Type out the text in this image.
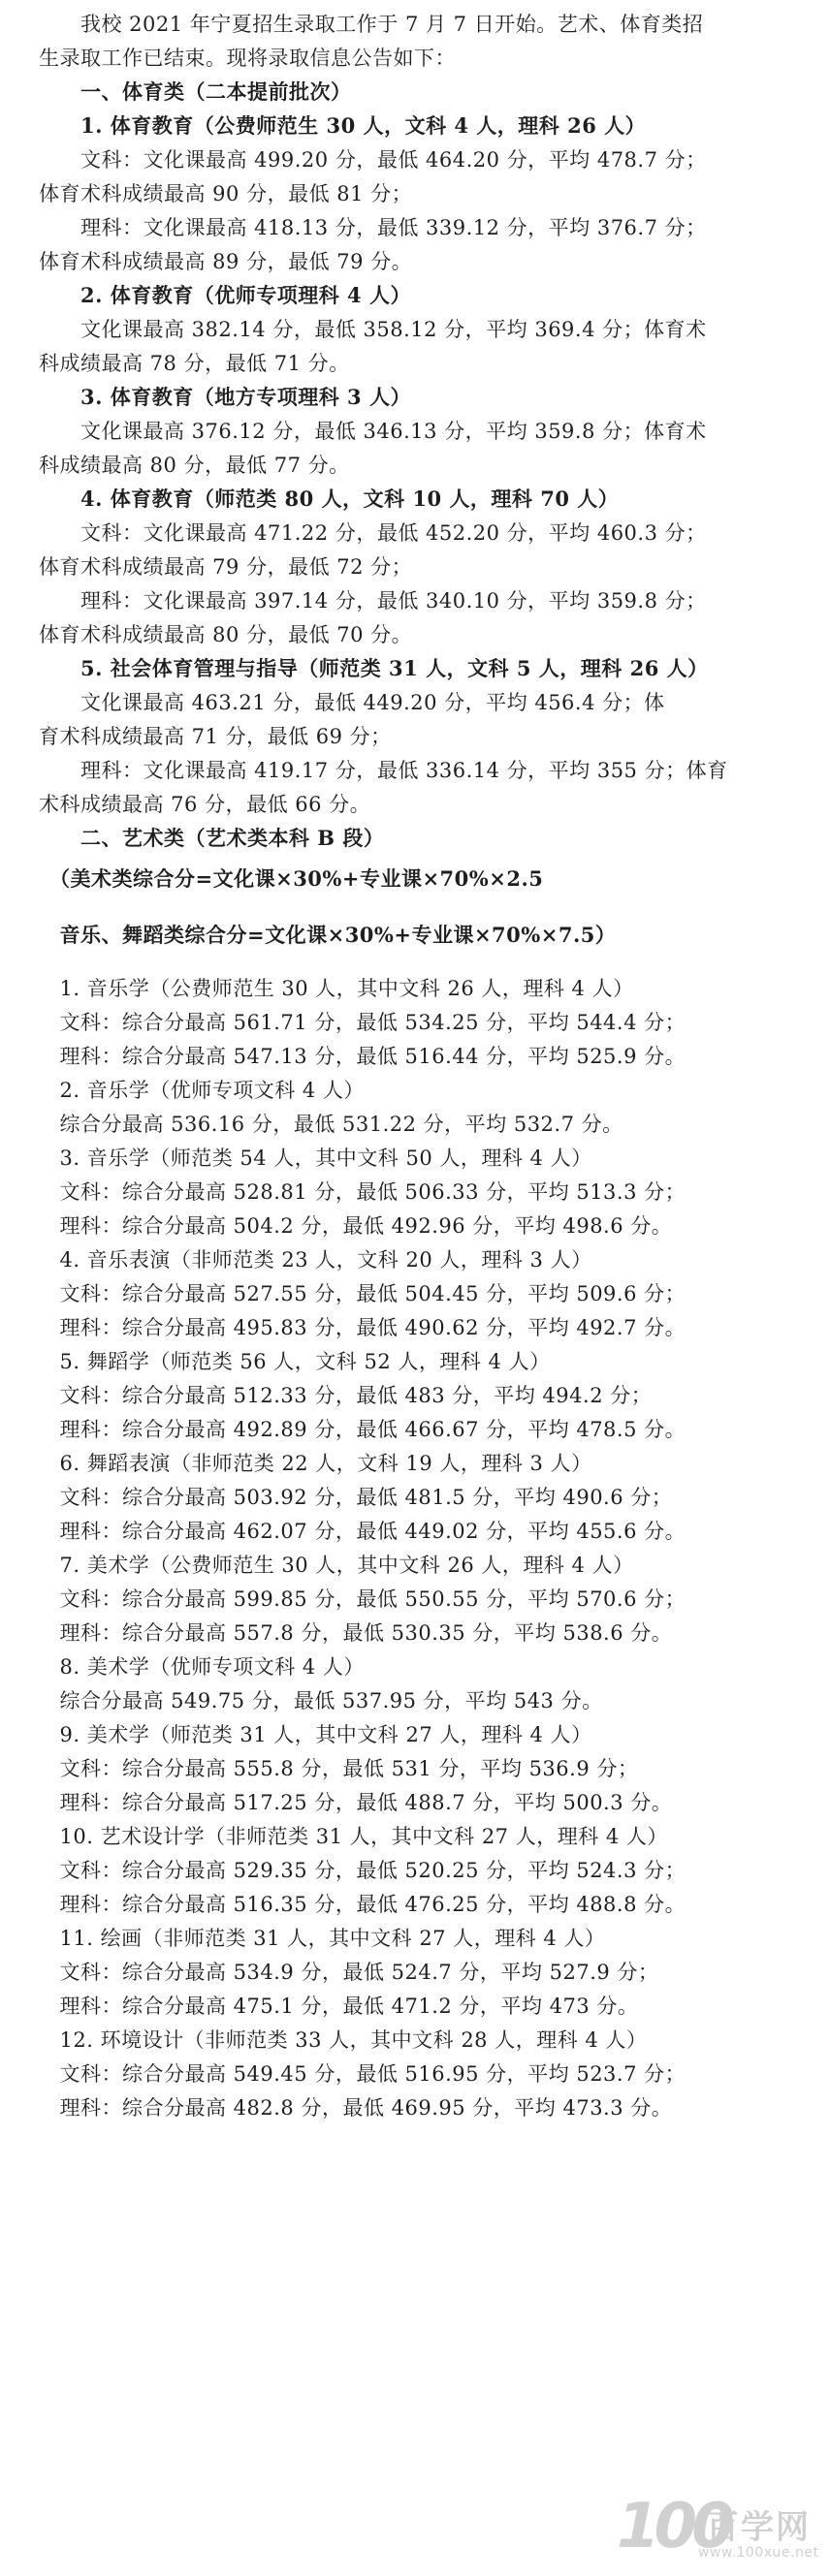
　　我校 2021 年宁夏招生录取工作于 7 月 7 日开始。艺术、体育类招
生录取工作已结束。现将录取信息公告如下：
　　一、体育类（二本提前批次）
　　1. 体育教育（公费师范生 30 人，文科 4 人，理科 26 人）
　　文科：文化课最高 499.20 分，最低 464.20 分，平均 478.7 分；
体育术科成绩最高 90 分，最低 81 分；
　　理科：文化课最高 418.13 分，最低 339.12 分，平均 376.7 分；
体育术科成绩最高 89 分，最低 79 分。
　　2. 体育教育（优师专项理科 4 人）
　　文化课最高 382.14 分，最低 358.12 分，平均 369.4 分；体育术
科成绩最高 78 分，最低 71 分。
　　3. 体育教育（地方专项理科 3 人）
　　文化课最高 376.12 分，最低 346.13 分，平均 359.8 分；体育术
科成绩最高 80 分，最低 77 分。
　　4. 体育教育（师范类 80 人，文科 10 人，理科 70 人）
　　文科：文化课最高 471.22 分，最低 452.20 分，平均 460.3 分；
体育术科成绩最高 79 分，最低 72 分；
　　理科：文化课最高 397.14 分，最低 340.10 分，平均 359.8 分；
体育术科成绩最高 80 分，最低 70 分。
　　5. 社会体育管理与指导（师范类 31 人，文科 5 人，理科 26 人）
　　文化课最高 463.21 分，最低 449.20 分，平均 456.4 分；体
育术科成绩最高 71 分，最低 69 分；
　　理科：文化课最高 419.17 分，最低 336.14 分，平均 355 分；体育
术科成绩最高 76 分，最低 66 分。
　　二、艺术类（艺术类本科 B 段）
　（美术类综合分=文化课×30%+专业课×70%×2.5
　音乐、舞蹈类综合分=文化课×30%+专业课×70%×7.5）
　1. 音乐学（公费师范生 30 人，其中文科 26 人，理科 4 人）
　文科：综合分最高 561.71 分，最低 534.25 分，平均 544.4 分；
　理科：综合分最高 547.13 分，最低 516.44 分，平均 525.9 分。
　2. 音乐学（优师专项文科 4 人）
　综合分最高 536.16 分，最低 531.22 分，平均 532.7 分。
　3. 音乐学（师范类 54 人，其中文科 50 人，理科 4 人）
　文科：综合分最高 528.81 分，最低 506.33 分，平均 513.3 分；
　理科：综合分最高 504.2 分，最低 492.96 分，平均 498.6 分。
　4. 音乐表演（非师范类 23 人，文科 20 人，理科 3 人）
　文科：综合分最高 527.55 分，最低 504.45 分，平均 509.6 分；
　理科：综合分最高 495.83 分，最低 490.62 分，平均 492.7 分。
　5. 舞蹈学（师范类 56 人，文科 52 人，理科 4 人）
　文科：综合分最高 512.33 分，最低 483 分，平均 494.2 分；
　理科：综合分最高 492.89 分，最低 466.67 分，平均 478.5 分。
　6. 舞蹈表演（非师范类 22 人，文科 19 人，理科 3 人）
　文科：综合分最高 503.92 分，最低 481.5 分，平均 490.6 分；
　理科：综合分最高 462.07 分，最低 449.02 分，平均 455.6 分。
　7. 美术学（公费师范生 30 人，其中文科 26 人，理科 4 人）
　文科：综合分最高 599.85 分，最低 550.55 分，平均 570.6 分；
　理科：综合分最高 557.8 分，最低 530.35 分，平均 538.6 分。
　8. 美术学（优师专项文科 4 人）
　综合分最高 549.75 分，最低 537.95 分，平均 543 分。
　9. 美术学（师范类 31 人，其中文科 27 人，理科 4 人）
　文科：综合分最高 555.8 分，最低 531 分，平均 536.9 分；
　理科：综合分最高 517.25 分，最低 488.7 分，平均 500.3 分。
　10. 艺术设计学（非师范类 31 人，其中文科 27 人，理科 4 人）
　文科：综合分最高 529.35 分，最低 520.25 分，平均 524.3 分；
　理科：综合分最高 516.35 分，最低 476.25 分，平均 488.8 分。
　11. 绘画（非师范类 31 人，其中文科 27 人，理科 4 人）
　文科：综合分最高 534.9 分，最低 524.7 分，平均 527.9 分；
　理科：综合分最高 475.1 分，最低 471.2 分，平均 473 分。
　12. 环境设计（非师范类 33 人，其中文科 28 人，理科 4 人）
　文科：综合分最高 549.45 分，最低 516.95 分，平均 523.7 分；
　理科：综合分最高 482.8 分，最低 469.95 分，平均 473.3 分。
100
百学网
www.100xue.net
